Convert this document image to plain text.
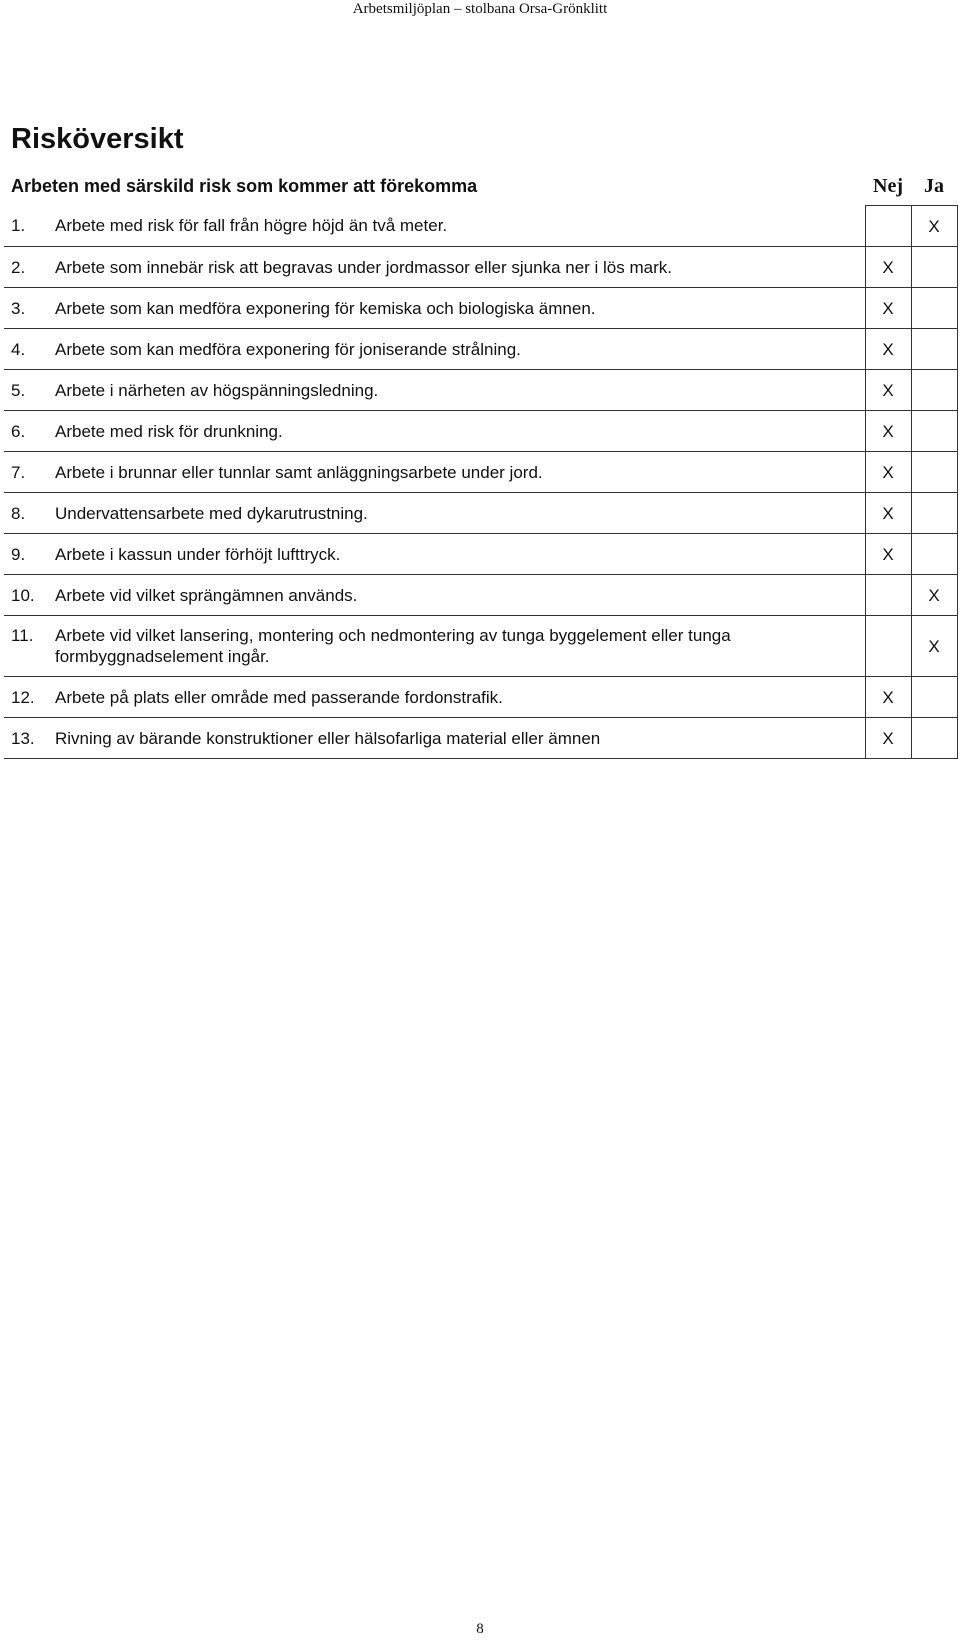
Arbetsmiljöplan – stolbana Orsa-Grönklitt
Risköversikt
Arbeten med särskild risk som kommer att förekomma	Nej	Ja

1. Arbete med risk för fall från högre höjd än två meter.		X

2. Arbete som innebär risk att begravas under jordmassor eller sjunka ner i lös mark.	X	

3. Arbete som kan medföra exponering för kemiska och biologiska ämnen.	X	

4. Arbete som kan medföra exponering för joniserande strålning.	X	

5. Arbete i närheten av högspänningsledning.	X	

6. Arbete med risk för drunkning.	X	

7. Arbete i brunnar eller tunnlar samt anläggningsarbete under jord.	X	

8. Undervattensarbete med dykarutrustning.	X	

9. Arbete i kassun under förhöjt lufttryck.	X	

10. Arbete vid vilket sprängämnen används.		X

11. Arbete vid vilket lansering, montering och nedmontering av tunga byggelement eller tunga formbyggnadselement ingår.		X

12. Arbete på plats eller område med passerande fordonstrafik.	X	

13. Rivning av bärande konstruktioner eller hälsofarliga material eller ämnen	X	
8
